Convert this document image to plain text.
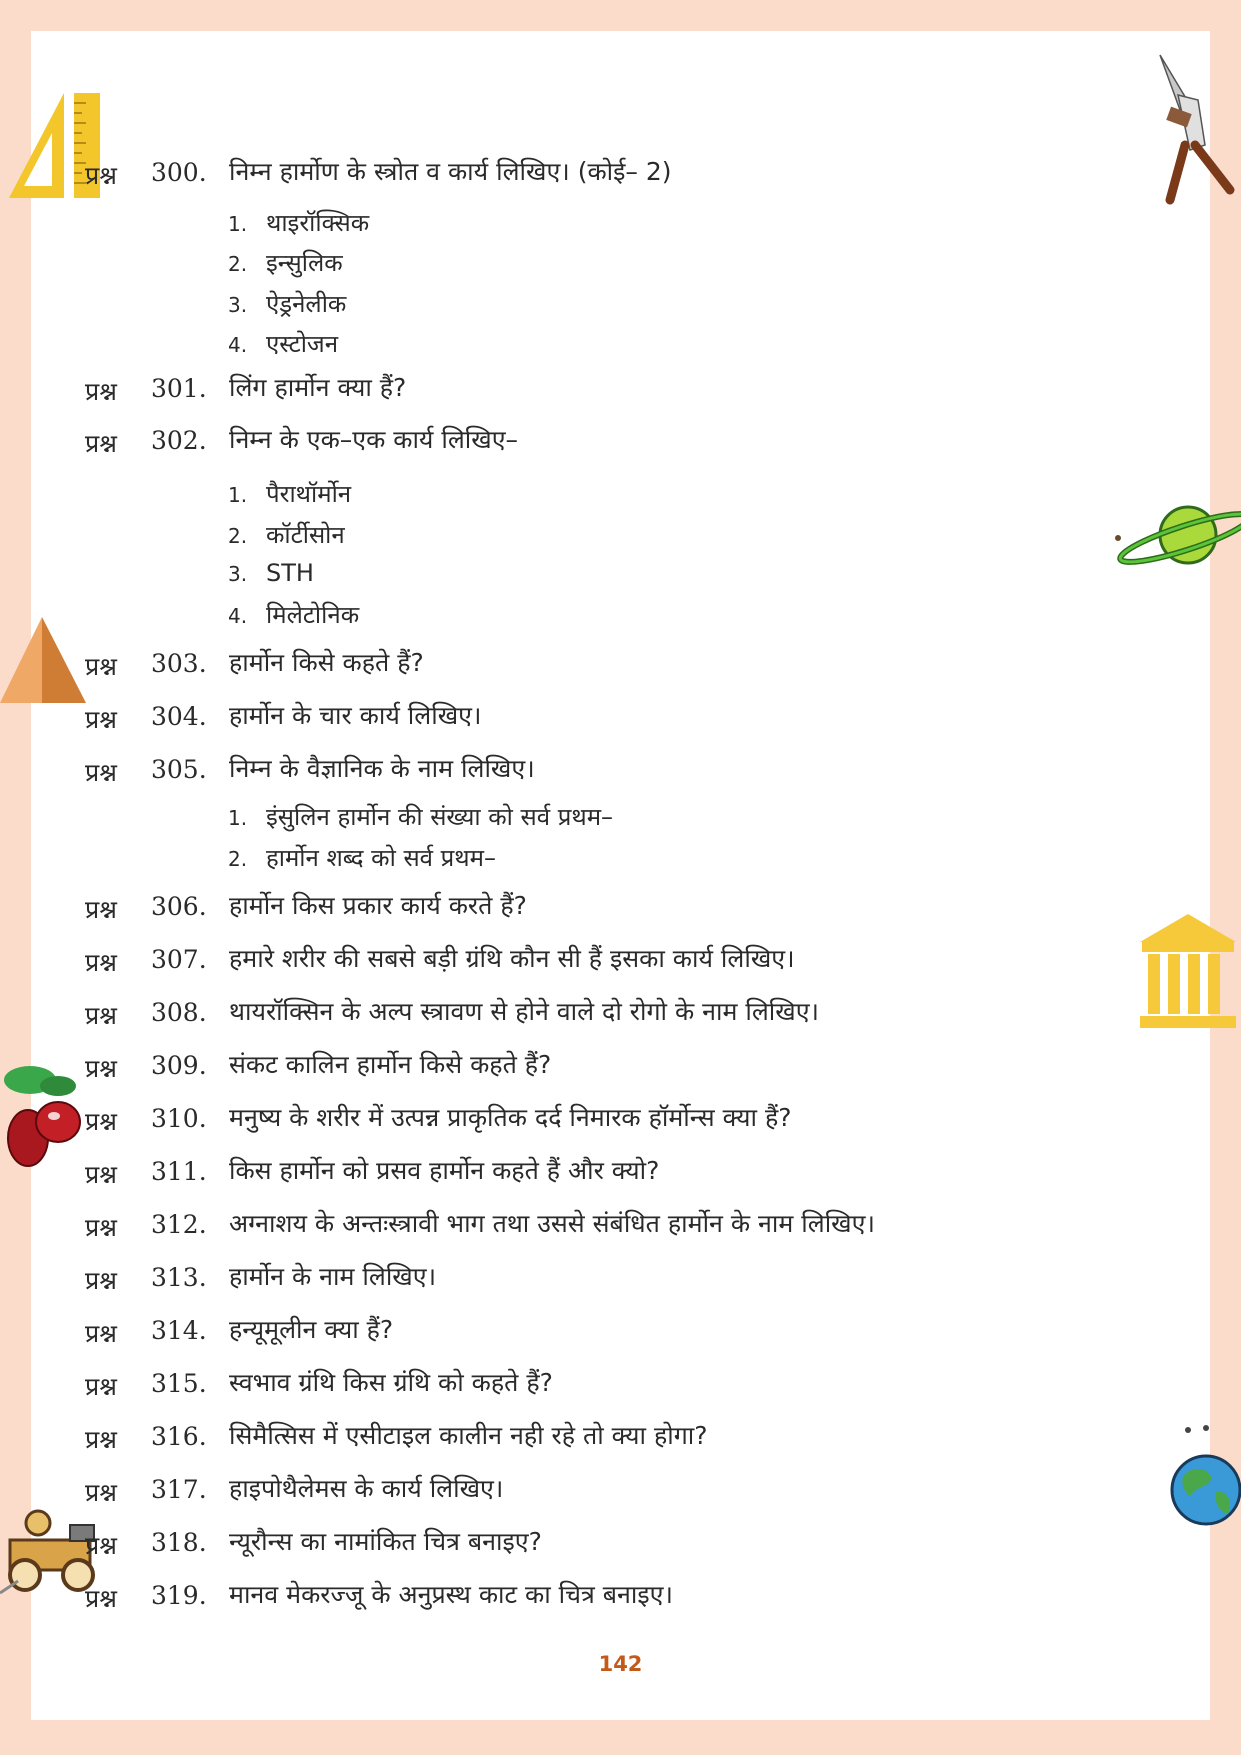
प्रश्न 300. निम्न हार्मोण के स्त्रोत व कार्य लिखिए। (कोई– 2)
1. थाइरॉक्सिक
2. इन्सुलिक
3. ऐड्रनेलीक
4. एस्टोजन
प्रश्न 301. लिंग हार्मोन क्या हैं?
प्रश्न 302. निम्न के एक–एक कार्य लिखिए–
1. पैराथॉर्मोन
2. कॉर्टीसोन
3. STH
4. मिलेटोनिक
प्रश्न 303. हार्मोन किसे कहते हैं?
प्रश्न 304. हार्मोन के चार कार्य लिखिए।
प्रश्न 305. निम्न के वैज्ञानिक के नाम लिखिए।
1. इंसुलिन हार्मोन की संख्या को सर्व प्रथम–
2. हार्मोन शब्द को सर्व प्रथम–
प्रश्न 306. हार्मोन किस प्रकार कार्य करते हैं?
प्रश्न 307. हमारे शरीर की सबसे बड़ी ग्रंथि कौन सी हैं इसका कार्य लिखिए।
प्रश्न 308. थायरॉक्सिन के अल्प स्त्रावण से होने वाले दो रोगो के नाम लिखिए।
प्रश्न 309. संकट कालिन हार्मोन किसे कहते हैं?
प्रश्न 310. मनुष्य के शरीर में उत्पन्न प्राकृतिक दर्द निमारक हॉर्मोन्स क्या हैं?
प्रश्न 311. किस हार्मोन को प्रसव हार्मोन कहते हैं और क्यो?
प्रश्न 312. अग्नाशय के अन्तःस्त्रावी भाग तथा उससे संबंधित हार्मोन के नाम लिखिए।
प्रश्न 313. हार्मोन के नाम लिखिए।
प्रश्न 314. हन्यूमूलीन क्या हैं?
प्रश्न 315. स्वभाव ग्रंथि किस ग्रंथि को कहते हैं?
प्रश्न 316. सिमैत्सिस में एसीटाइल कालीन नही रहे तो क्या होगा?
प्रश्न 317. हाइपोथैलेमस के कार्य लिखिए।
प्रश्न 318. न्यूरौन्स का नामांकित चित्र बनाइए?
प्रश्न 319. मानव मेकरज्जू के अनुप्रस्थ काट का चित्र बनाइए।
142
